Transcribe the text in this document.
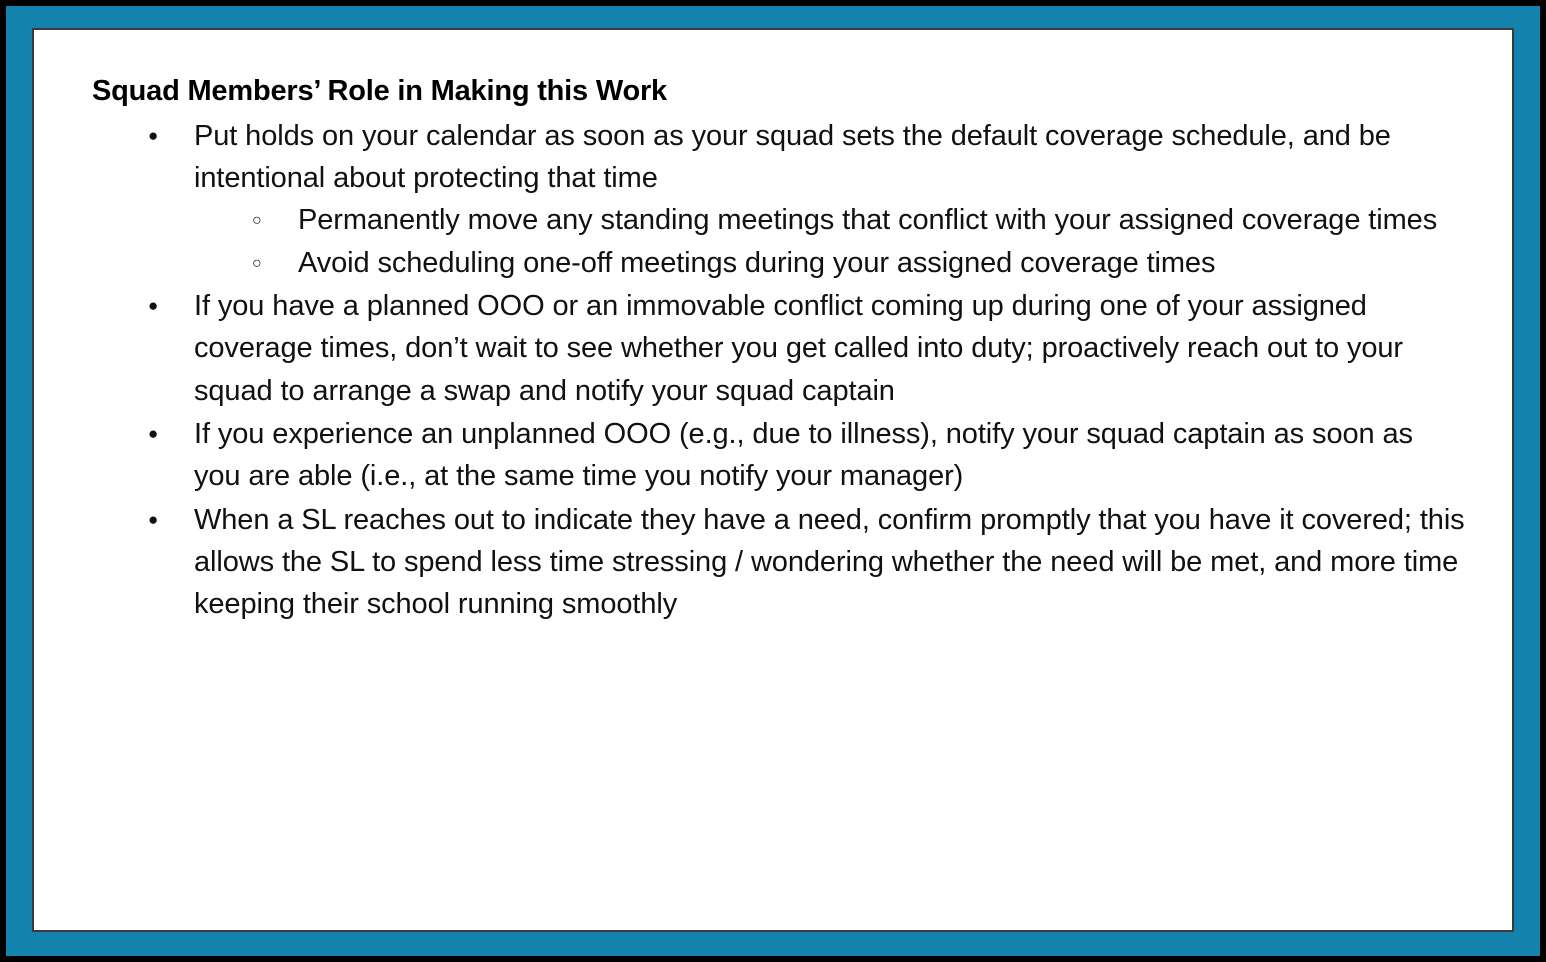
Squad Members’ Role in Making this Work
● Put holds on your calendar as soon as your squad sets the default coverage schedule, and be intentional about protecting that time
○ Permanently move any standing meetings that conflict with your assigned coverage times
○ Avoid scheduling one-off meetings during your assigned coverage times
● If you have a planned OOO or an immovable conflict coming up during one of your assigned coverage times, don’t wait to see whether you get called into duty; proactively reach out to your squad to arrange a swap and notify your squad captain
● If you experience an unplanned OOO (e.g., due to illness), notify your squad captain as soon as you are able (i.e., at the same time you notify your manager)
● When a SL reaches out to indicate they have a need, confirm promptly that you have it covered; this allows the SL to spend less time stressing / wondering whether the need will be met, and more time keeping their school running smoothly
